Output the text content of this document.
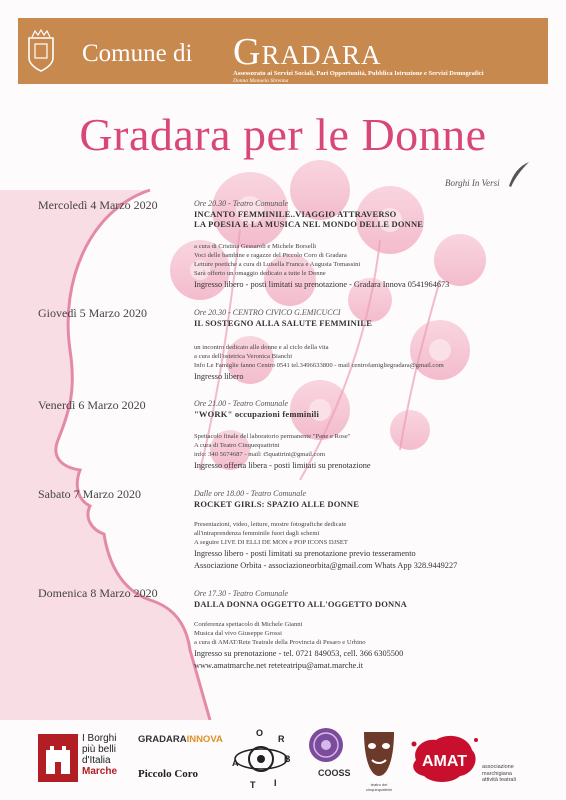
Comune di Gradara
Assessorato ai Servizi Sociali, Pari Opportunità, Pubblica Istruzione e Servizi Demografici
Donna Manuela Sbrenna
Gradara per le Donne
Borghi In Versi
Mercoledì 4 Marzo 2020	Ore 20.30 - Teatro Comunale
INCANTO FEMMINILE..VIAGGIO ATTRAVERSO
LA POESIA E LA MUSICA NEL MONDO DELLE DONNE
a cura di Cristina Gessaroli e Michele Borselli
Voci delle bambine e ragazze del Piccolo Coro di Gradara
Letture poetiche a cura di Luisella Franca e Augusta Tomassini
Sarà offerto un omaggio dedicato a tutte le Donne
Ingresso libero - posti limitati su prenotazione - Gradara Innova 0541964673
Giovedì 5 Marzo 2020	Ore 20.30 - CENTRO CIVICO G.EMICUCCI
IL SOSTEGNO ALLA SALUTE FEMMINILE
un incontro dedicato alle donne e al ciclo della vita
a cura dell'ostetrica Veronica Bianchi
Info Le Famiglie fanno Centro 0541 tel.3496633800 - mail centrofamigliegradara@gmail.com
Ingresso libero
Venerdì 6 Marzo 2020	Ore 21.00 - Teatro Comunale
"WORK" occupazioni femminili
Spettacolo finale del laboratorio permanente "Pane e Rose"
A cura di Teatro Cinquequattrini
info: 340 5674687 - mail: t5quattrini@gmail.com
Ingresso offerta libera - posti limitati su prenotazione
Sabato 7 Marzo 2020	Dalle ore 18.00 - Teatro Comunale
ROCKET GIRLS: SPAZIO ALLE DONNE
Presentazioni, video, letture, mostre fotografiche dedicate
all'intraprendenza femminile fuori dagli schemi
A seguire LIVE DI ELLI DE MON e POP ICONS DJSET
Ingresso libero - posti limitati su prenotazione previo tesseramento
Associazione Orbita - associazioneorbita@gmail.com Whats App 328.9449227
Domenica 8 Marzo 2020	Ore 17.30 - Teatro Comunale
DALLA DONNA OGGETTO ALL'OGGETTO DONNA
Conferenza spettacolo di Michele Gianni
Musica dal vivo Giuseppe Grossi
a cura di AMAT/Rete Teatrale della Provincia di Pesaro e Urbino
Ingresso su prenotazione - tel. 0721 849053, cell. 366 6305500
www.amatmarche.net reteteatripu@amat.marche.it
I Borghi
più belli
d'Italia
Marche
GRADARAINNOVA
Piccolo Coro
O
R
B
I
T
A
COOSS
teatro dei cinquequattrini
AMAT	associazione
marchigiana
attività teatrali
